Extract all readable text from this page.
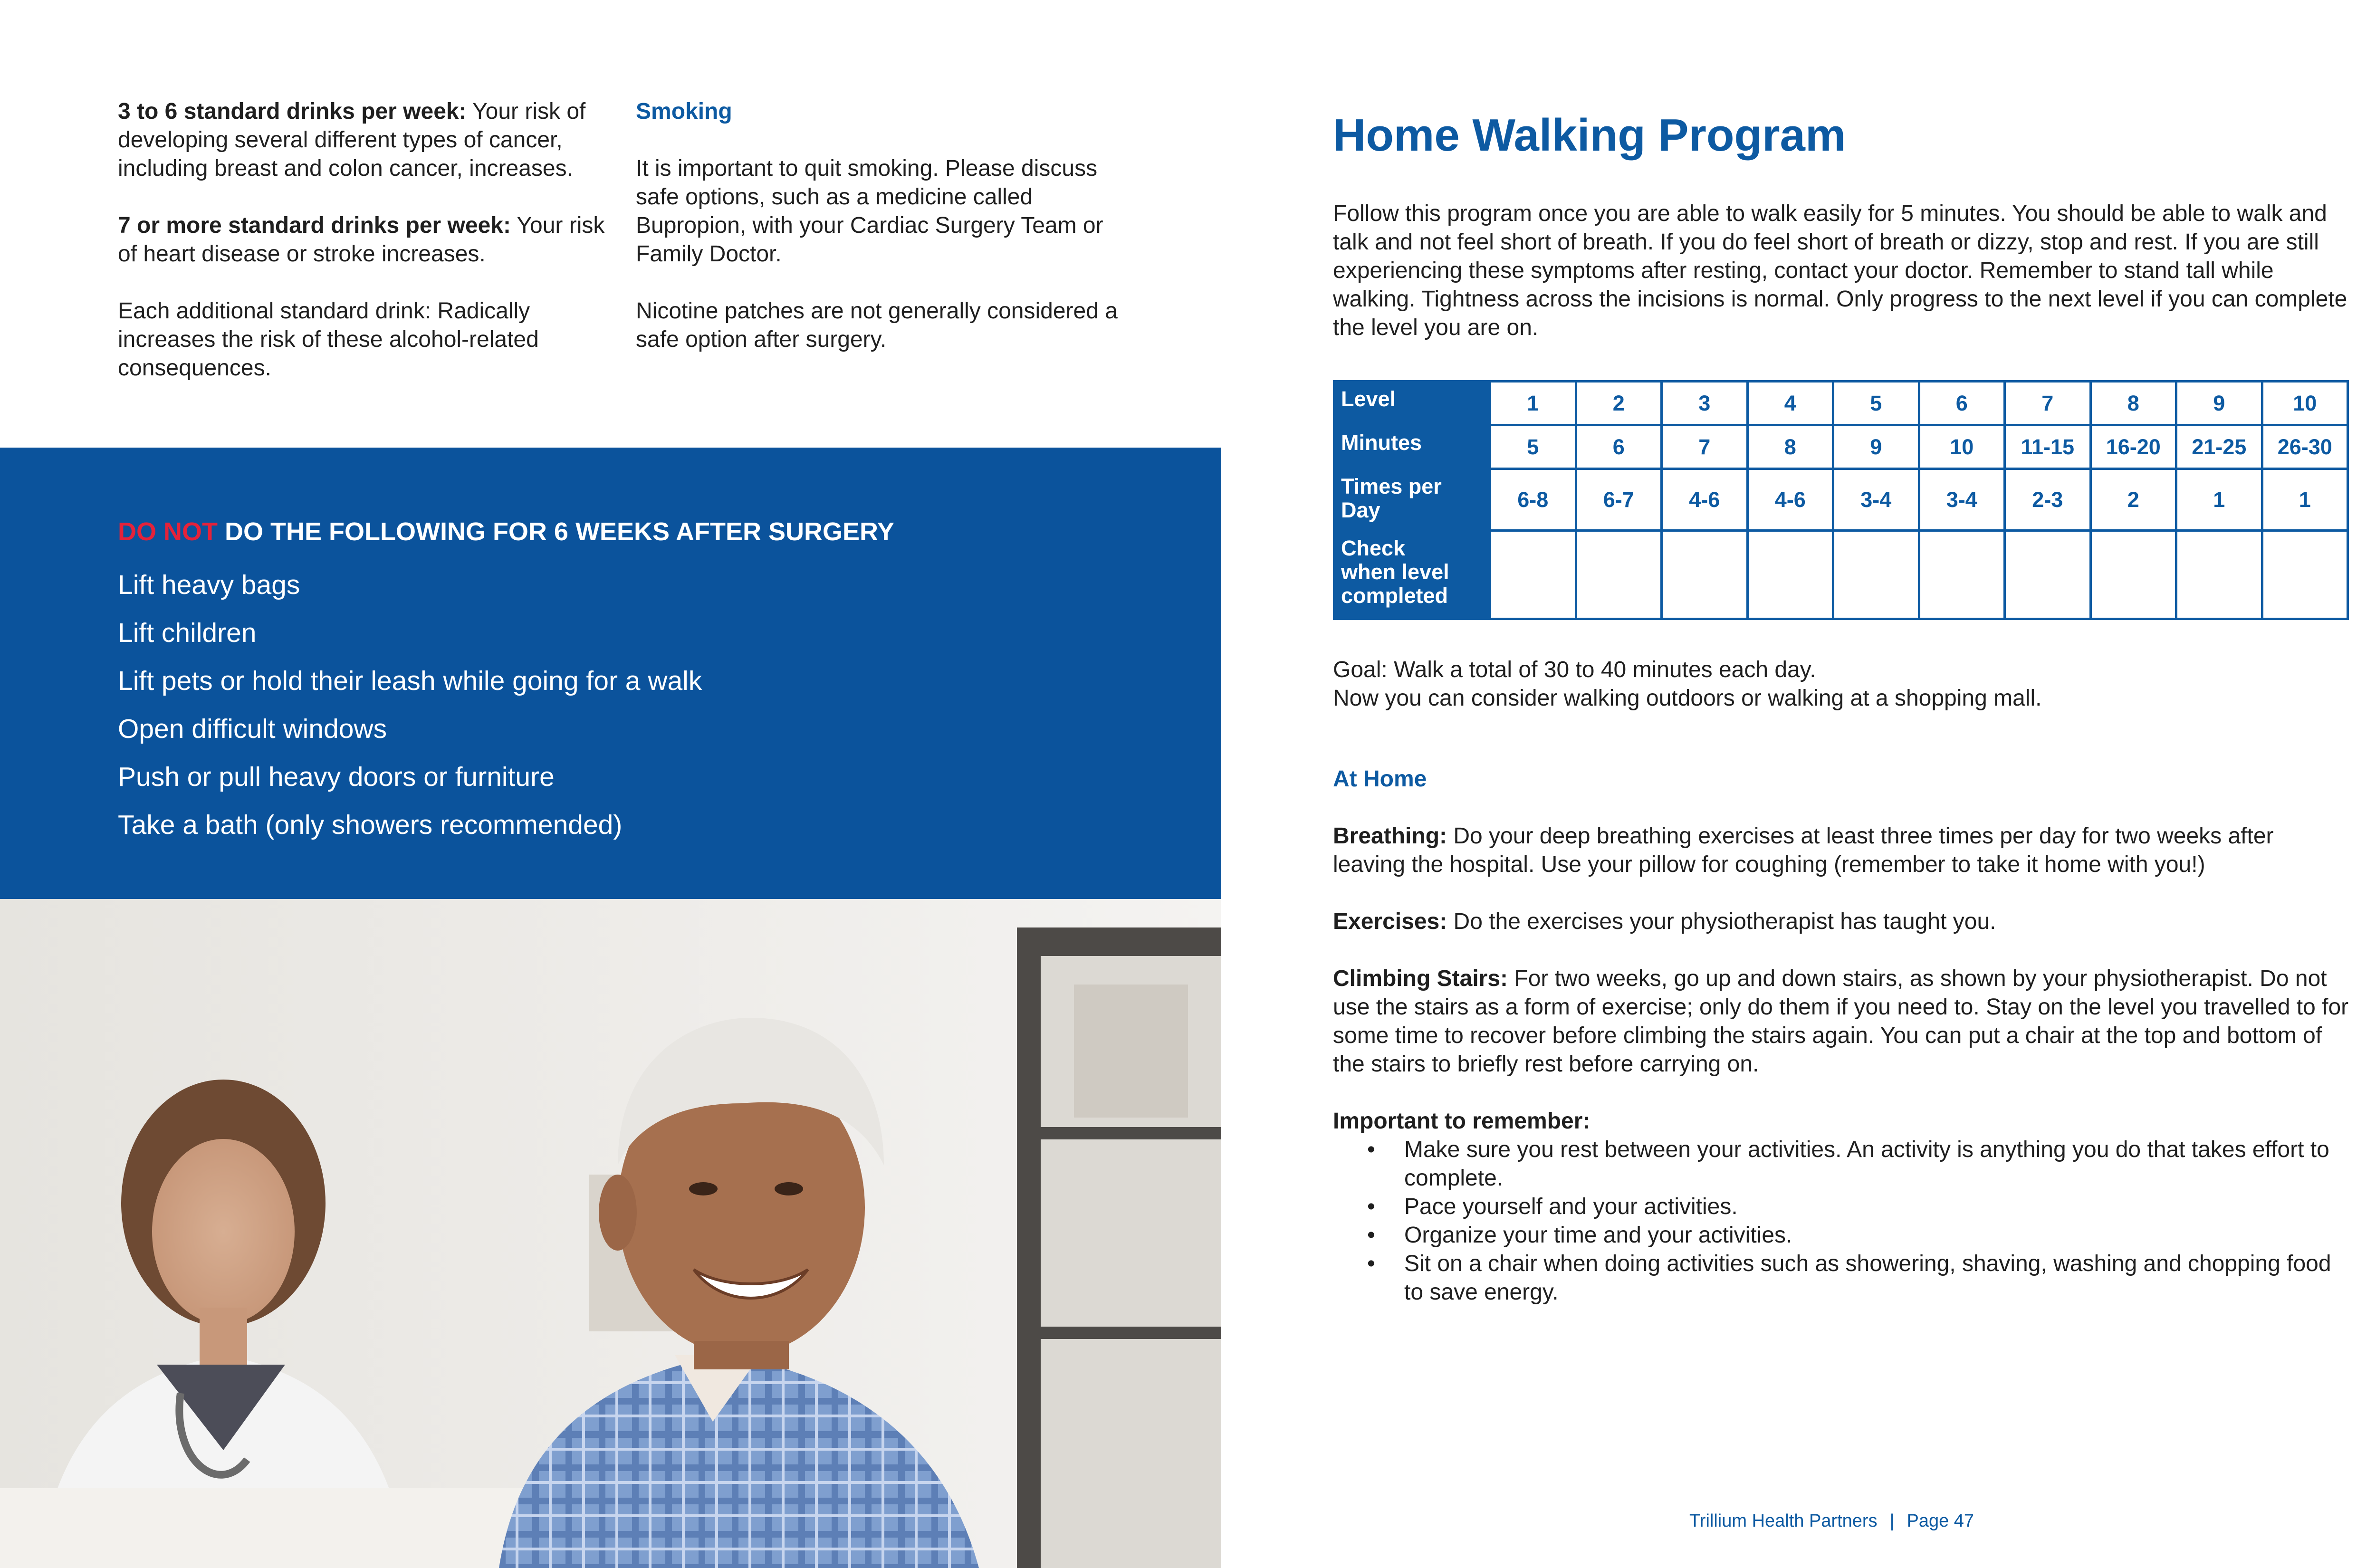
3 to 6 standard drinks per week: Your risk of developing several different types of cancer, including breast and colon cancer, increases.

7 or more standard drinks per week: Your risk of heart disease or stroke increases.

Each additional standard drink: Radically increases the risk of these alcohol-related consequences.

Smoking

It is important to quit smoking. Please discuss safe options, such as a medicine called Bupropion, with your Cardiac Surgery Team or Family Doctor.

Nicotine patches are not generally considered a safe option after surgery.

DO NOT DO THE FOLLOWING FOR 6 WEEKS AFTER SURGERY

Lift heavy bags

Lift children

Lift pets or hold their leash while going for a walk

Open difficult windows

Push or pull heavy doors or furniture

Take a bath (only showers recommended)

Home Walking Program

Follow this program once you are able to walk easily for 5 minutes. You should be able to walk and talk and not feel short of breath. If you do feel short of breath or dizzy, stop and rest. If you are still experiencing these symptoms after resting, contact your doctor. Remember to stand tall while walking. Tightness across the incisions is normal. Only progress to the next level if you can complete the level you are on.

Level	1	2	3	4	5	6	7	8	9	10
Minutes	5	6	7	8	9	10	11-15	16-20	21-25	26-30

Times per
Day	6-8	6-7	4-6	4-6	3-4	3-4	2-3	2	1	1

Check
when level
completed										

Goal: Walk a total of 30 to 40 minutes each day.
Now you can consider walking outdoors or walking at a shopping mall.

At Home

Breathing: Do your deep breathing exercises at least three times per day for two weeks after leaving the hospital. Use your pillow for coughing (remember to take it home with you!)

Exercises: Do the exercises your physiotherapist has taught you.

Climbing Stairs: For two weeks, go up and down stairs, as shown by your physiotherapist. Do not use the stairs as a form of exercise; only do them if you need to. Stay on the level you travelled to for some time to recover before climbing the stairs again. You can put a chair at the top and bottom of the stairs to briefly rest before carrying on.

Important to remember:

• Make sure you rest between your activities. An activity is anything you do that takes effort to complete.
• Pace yourself and your activities.
• Organize your time and your activities.
• Sit on a chair when doing activities such as showering, shaving, washing and chopping food to save energy.
Trillium Health Partners | Page 47
